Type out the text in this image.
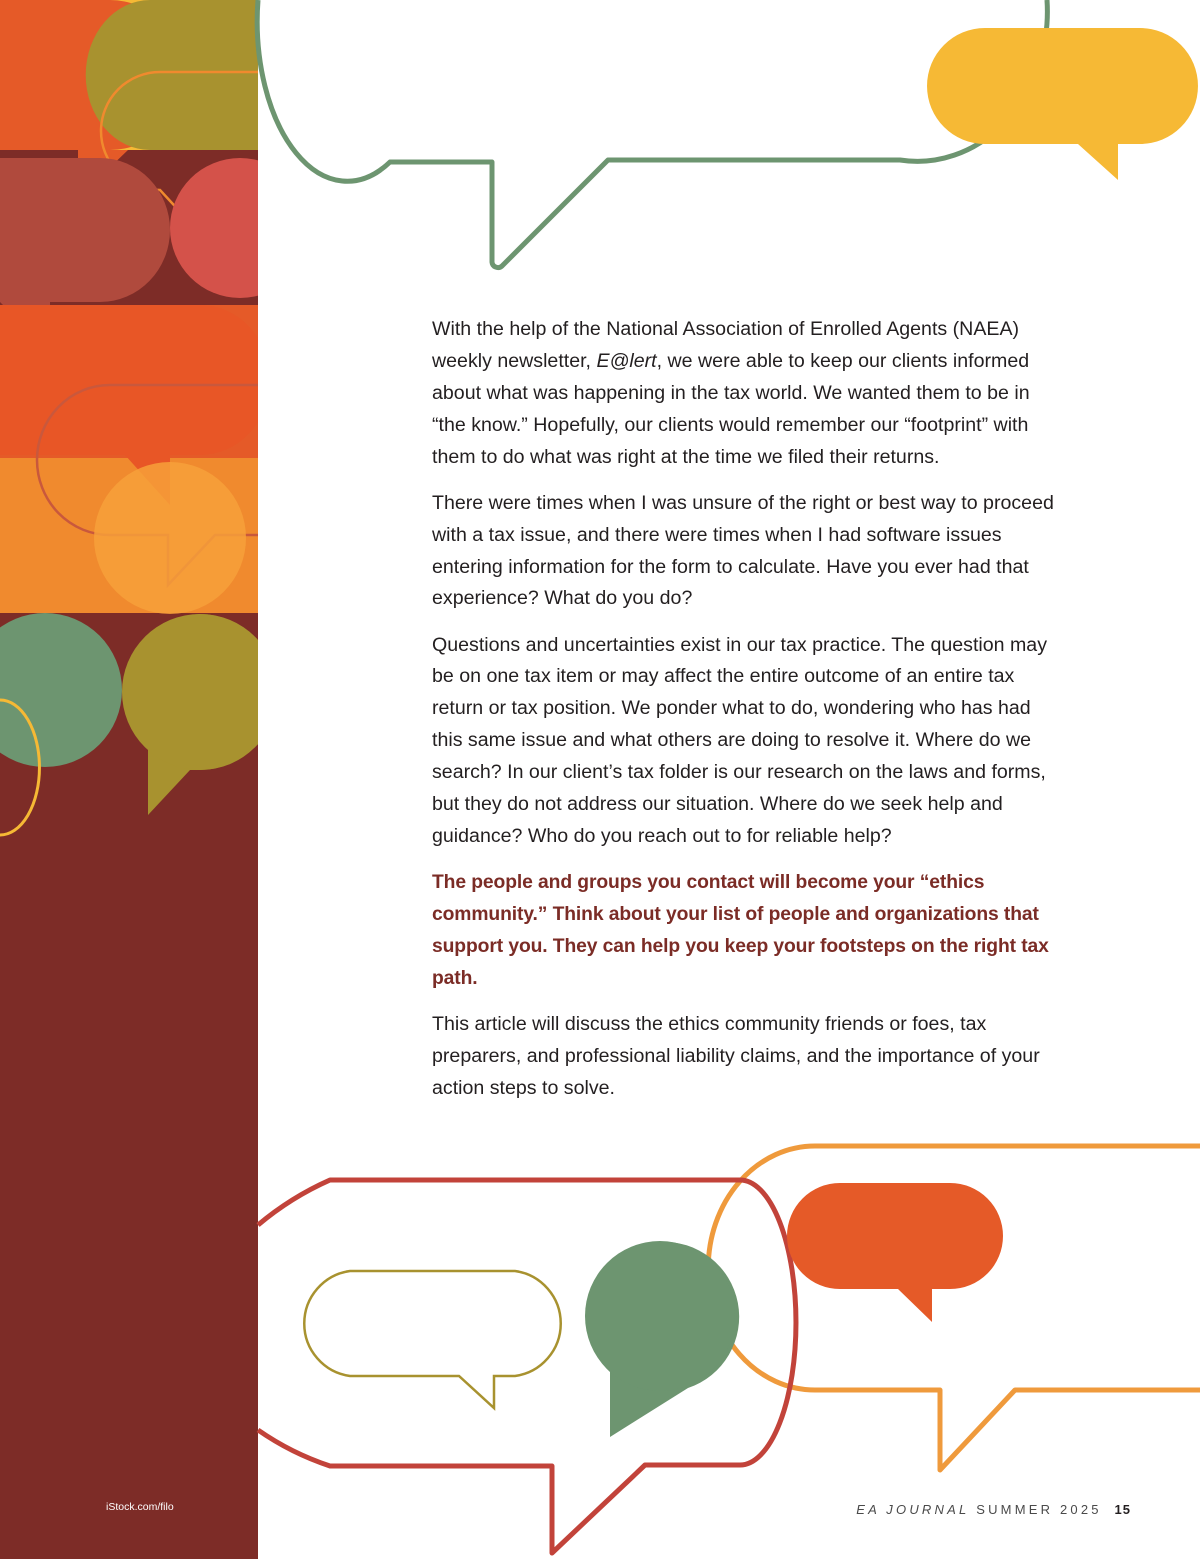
With the help of the National Association of Enrolled Agents (NAEA) weekly newsletter, E@lert, we were able to keep our clients informed about what was happening in the tax world. We wanted them to be in “the know.” Hopefully, our clients would remember our “footprint” with them to do what was right at the time we filed their returns.

There were times when I was unsure of the right or best way to proceed with a tax issue, and there were times when I had software issues entering information for the form to calculate. Have you ever had that experience? What do you do?

Questions and uncertainties exist in our tax practice. The question may be on one tax item or may affect the entire outcome of an entire tax return or tax position. We ponder what to do, wondering who has had this same issue and what others are doing to resolve it. Where do we search? In our client’s tax folder is our research on the laws and forms, but they do not address our situation. Where do we seek help and guidance? Who do you reach out to for reliable help?

The people and groups you contact will become your “ethics community.” Think about your list of people and organizations that support you. They can help you keep your footsteps on the right tax path.

This article will discuss the ethics community friends or foes, tax preparers, and professional liability claims, and the importance of your action steps to solve.

iStock.com/filo	EA JOURNAL SUMMER 2025 15
